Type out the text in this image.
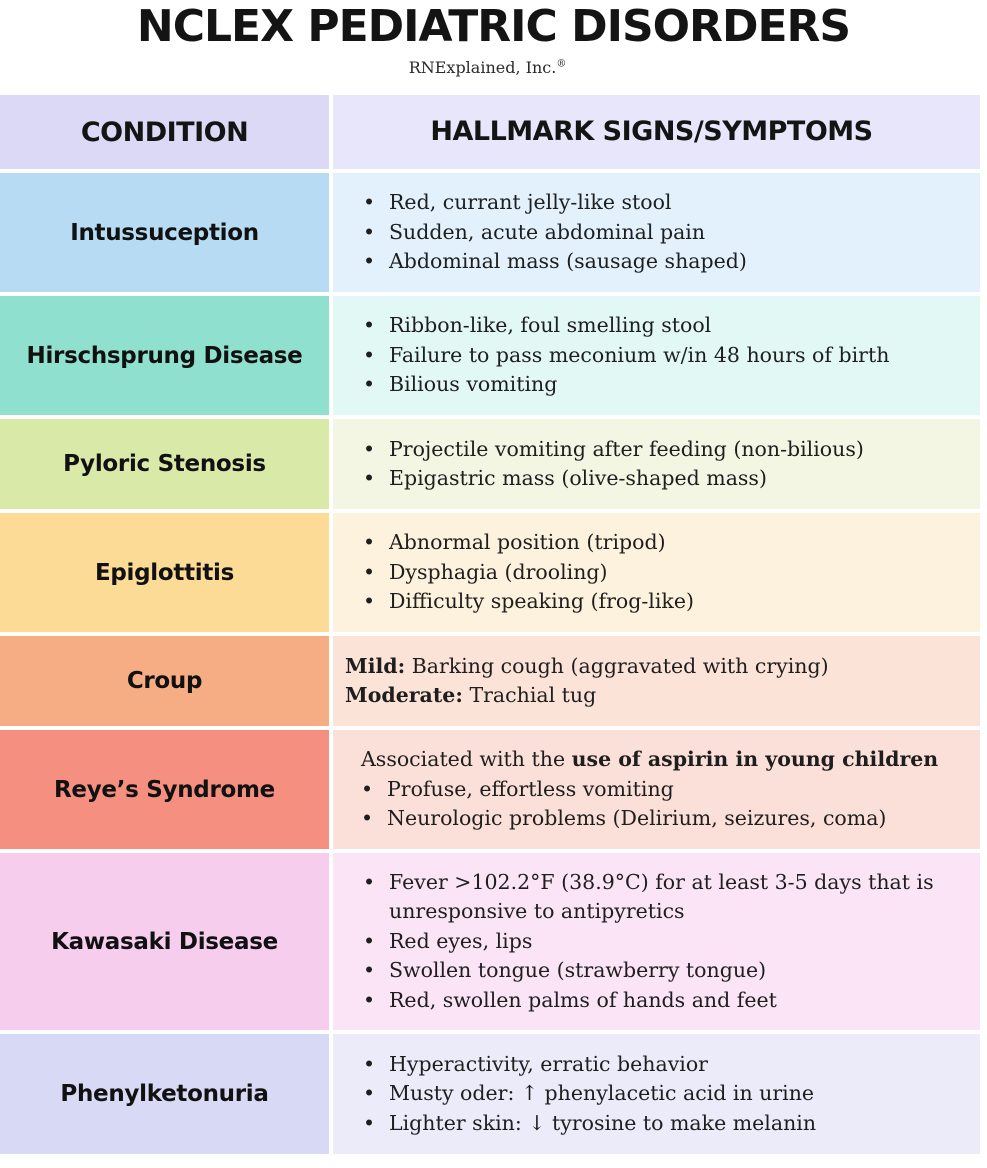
NCLEX PEDIATRIC DISORDERS
RNExplained, Inc.®
CONDITION	HALLMARK SIGNS/SYMPTOMS
Intussuception
• Red, currant jelly-like stool
• Sudden, acute abdominal pain
• Abdominal mass (sausage shaped)
Hirschsprung Disease
• Ribbon-like, foul smelling stool
• Failure to pass meconium w/in 48 hours of birth
• Bilious vomiting
Pyloric Stenosis
• Projectile vomiting after feeding (non-bilious)
• Epigastric mass (olive-shaped mass)
Epiglottitis
• Abnormal position (tripod)
• Dysphagia (drooling)
• Difficulty speaking (frog-like)
Croup
Mild: Barking cough (aggravated with crying)
Moderate: Trachial tug
Reye’s Syndrome
Associated with the use of aspirin in young children
• Profuse, effortless vomiting
• Neurologic problems (Delirium, seizures, coma)
Kawasaki Disease
• Fever >102.2°F (38.9°C) for at least 3-5 days that is unresponsive to antipyretics
• Red eyes, lips
• Swollen tongue (strawberry tongue)
• Red, swollen palms of hands and feet
Phenylketonuria
• Hyperactivity, erratic behavior
• Musty oder: ↑ phenylacetic acid in urine
• Lighter skin: ↓ tyrosine to make melanin
